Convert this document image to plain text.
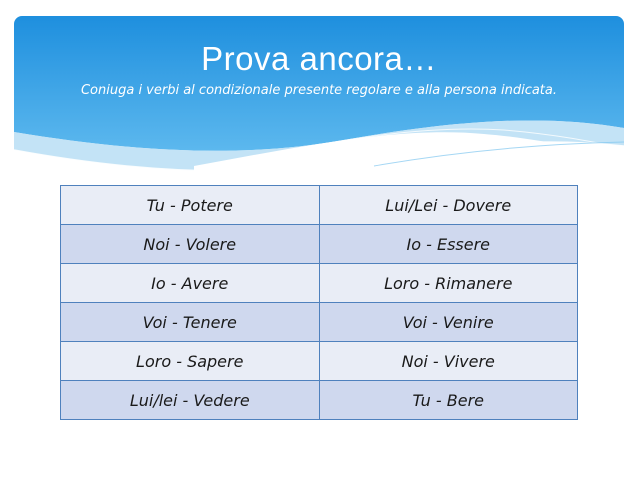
Prova ancora…
Coniuga i verbi al condizionale presente regolare e alla persona indicata.
Tu - Potere	Lui/Lei - Dovere
Noi - Volere	Io - Essere
Io - Avere	Loro - Rimanere
Voi - Tenere	Voi - Venire
Loro - Sapere	Noi - Vivere
Lui/lei - Vedere	Tu - Bere
